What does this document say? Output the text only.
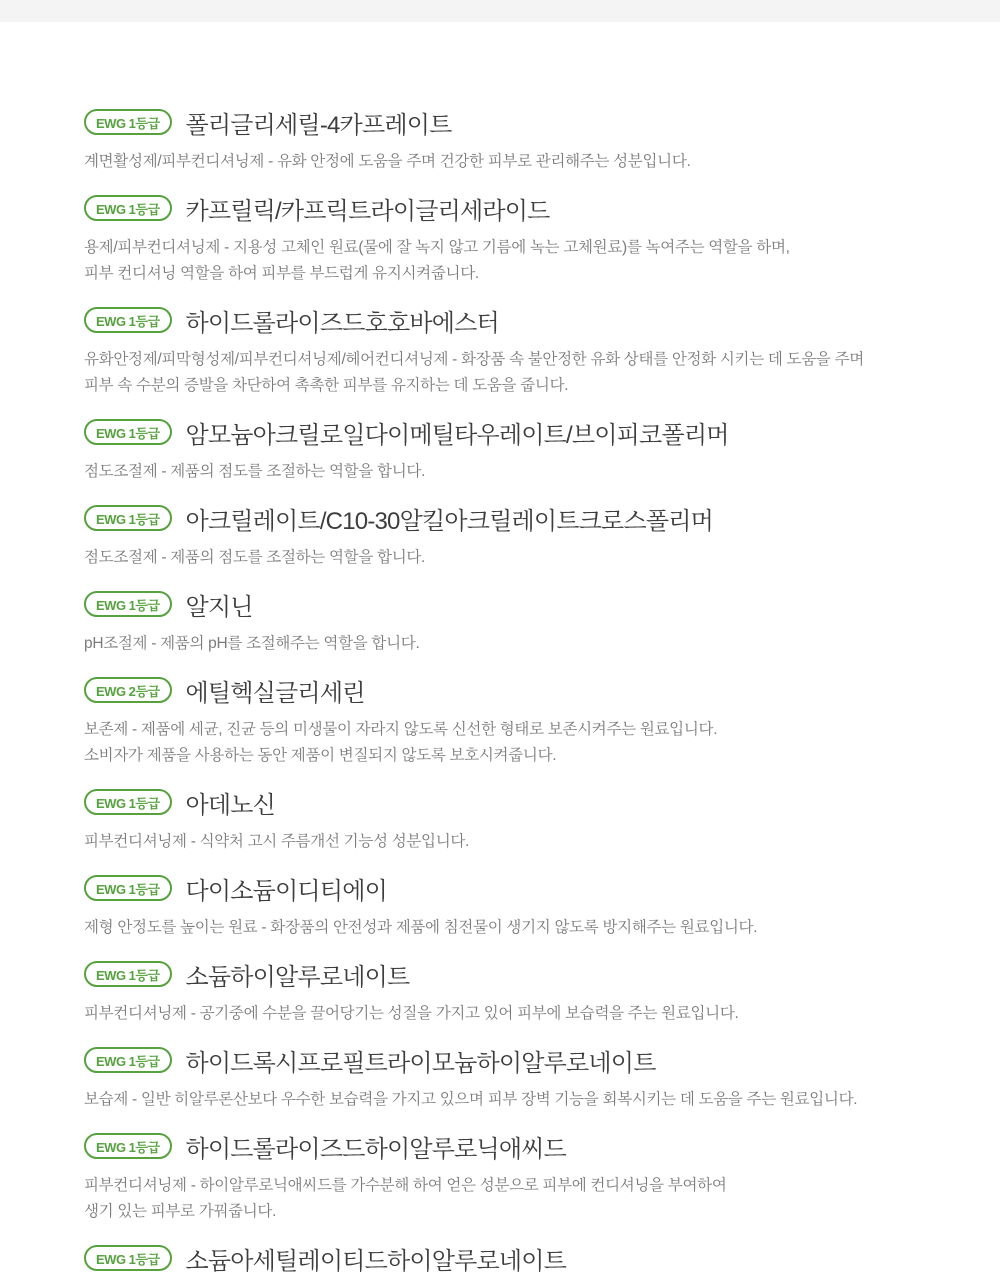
EWG 1등급	폴리글리세릴-4카프레이트
계면활성제/피부컨디셔닝제 - 유화 안정에 도움을 주며 건강한 피부로 관리해주는 성분입니다.
EWG 1등급	카프릴릭/카프릭트라이글리세라이드
용제/피부컨디셔닝제 - 지용성 고체인 원료(물에 잘 녹지 않고 기름에 녹는 고체원료)를 녹여주는 역할을 하며,
피부 컨디셔닝 역할을 하여 피부를 부드럽게 유지시켜줍니다.
EWG 1등급	하이드롤라이즈드호호바에스터
유화안정제/피막형성제/피부컨디셔닝제/헤어컨디셔닝제 - 화장품 속 불안정한 유화 상태를 안정화 시키는 데 도움을 주며
피부 속 수분의 증발을 차단하여 촉촉한 피부를 유지하는 데 도움을 줍니다.
EWG 1등급	암모늄아크릴로일다이메틸타우레이트/브이피코폴리머
점도조절제 - 제품의 점도를 조절하는 역할을 합니다.
EWG 1등급	아크릴레이트/C10-30알킬아크릴레이트크로스폴리머
점도조절제 - 제품의 점도를 조절하는 역할을 합니다.
EWG 1등급	알지닌
pH조절제 - 제품의 pH를 조절해주는 역할을 합니다.
EWG 2등급	에틸헥실글리세린
보존제 - 제품에 세균, 진균 등의 미생물이 자라지 않도록 신선한 형태로 보존시켜주는 원료입니다.
소비자가 제품을 사용하는 동안 제품이 변질되지 않도록 보호시켜줍니다.
EWG 1등급	아데노신
피부컨디셔닝제 - 식약처 고시 주름개선 기능성 성분입니다.
EWG 1등급	다이소듐이디티에이
제형 안정도를 높이는 원료 - 화장품의 안전성과 제품에 침전물이 생기지 않도록 방지해주는 원료입니다.
EWG 1등급	소듐하이알루로네이트
피부컨디셔닝제 - 공기중에 수분을 끌어당기는 성질을 가지고 있어 피부에 보습력을 주는 원료입니다.
EWG 1등급	하이드록시프로필트라이모늄하이알루로네이트
보습제 - 일반 히알루론산보다 우수한 보습력을 가지고 있으며 피부 장벽 기능을 회복시키는 데 도움을 주는 원료입니다.
EWG 1등급	하이드롤라이즈드하이알루로닉애씨드
피부컨디셔닝제 - 하이알루로닉애씨드를 가수분해 하여 얻은 성분으로 피부에 컨디셔닝을 부여하여
생기 있는 피부로 가꿔줍니다.
EWG 1등급	소듐아세틸레이티드하이알루로네이트
